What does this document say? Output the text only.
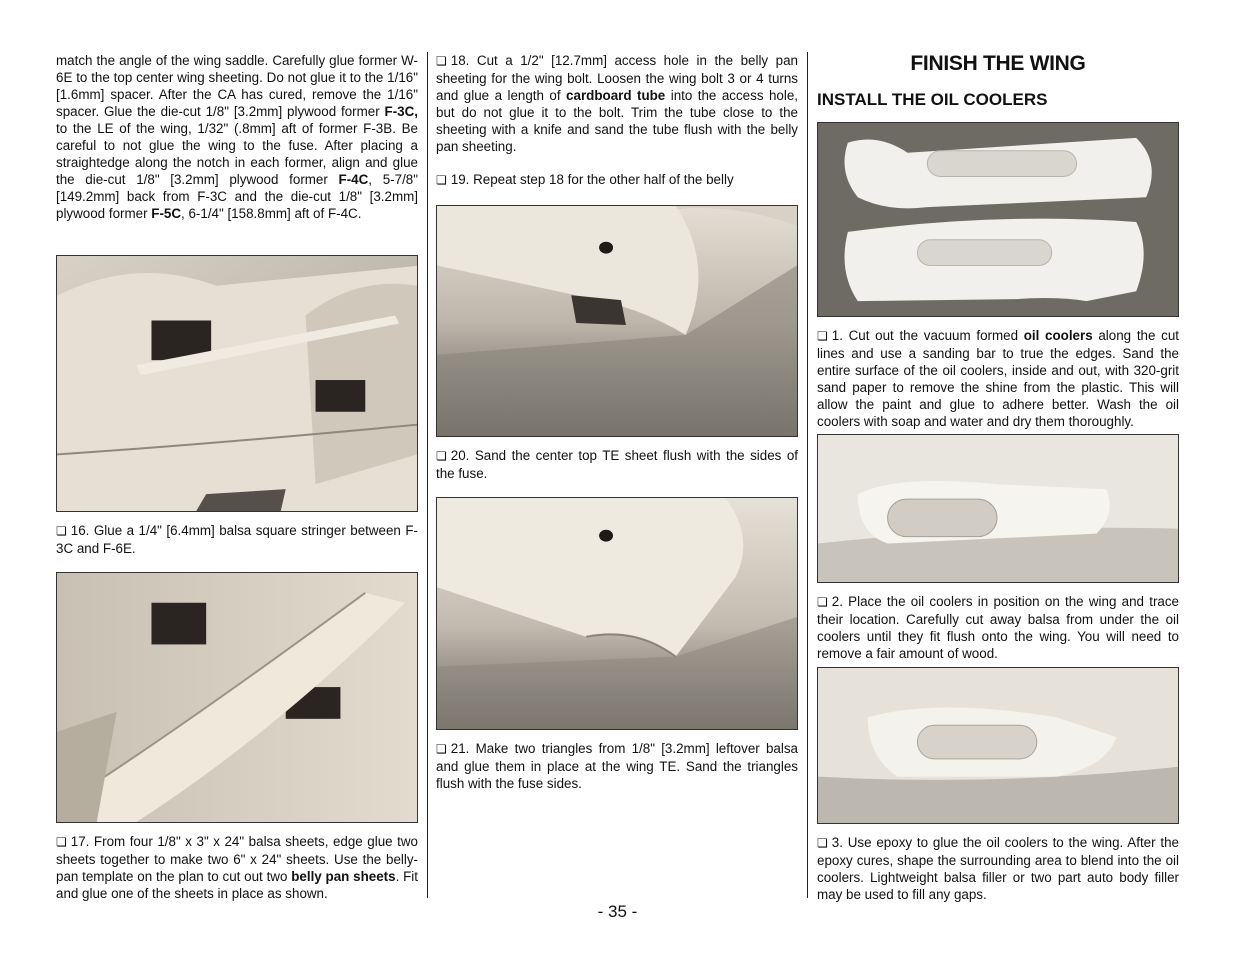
match the angle of the wing saddle. Carefully glue former W-6E to the top center wing sheeting. Do not glue it to the 1/16" [1.6mm] spacer. After the CA has cured, remove the 1/16" spacer. Glue the die-cut 1/8" [3.2mm] plywood former F-3C, to the LE of the wing, 1/32" (.8mm] aft of former F-3B. Be careful to not glue the wing to the fuse. After placing a straightedge along the notch in each former, align and glue the die-cut 1/8" [3.2mm] plywood former F-4C, 5-7/8" [149.2mm] back from F-3C and the die-cut 1/8" [3.2mm] plywood former F-5C, 6-1/4" [158.8mm] aft of F-4C.

❏ 16. Glue a 1/4" [6.4mm] balsa square stringer between F-3C and F-6E.

❏ 17. From four 1/8" x 3" x 24" balsa sheets, edge glue two sheets together to make two 6" x 24" sheets. Use the belly-pan template on the plan to cut out two belly pan sheets. Fit and glue one of the sheets in place as shown.

❏ 18. Cut a 1/2" [12.7mm] access hole in the belly pan sheeting for the wing bolt. Loosen the wing bolt 3 or 4 turns and glue a length of cardboard tube into the access hole, but do not glue it to the bolt. Trim the tube close to the sheeting with a knife and sand the tube flush with the belly pan sheeting.

❏ 19. Repeat step 18 for the other half of the belly

❏ 20. Sand the center top TE sheet flush with the sides of the fuse.

❏ 21. Make two triangles from 1/8" [3.2mm] leftover balsa and glue them in place at the wing TE. Sand the triangles flush with the fuse sides.

FINISH THE WING
INSTALL THE OIL COOLERS

❏ 1. Cut out the vacuum formed oil coolers along the cut lines and use a sanding bar to true the edges. Sand the entire surface of the oil coolers, inside and out, with 320-grit sand paper to remove the shine from the plastic. This will allow the paint and glue to adhere better. Wash the oil coolers with soap and water and dry them thoroughly.

❏ 2. Place the oil coolers in position on the wing and trace their location. Carefully cut away balsa from under the oil coolers until they fit flush onto the wing. You will need to remove a fair amount of wood.

❏ 3. Use epoxy to glue the oil coolers to the wing. After the epoxy cures, shape the surrounding area to blend into the oil coolers. Lightweight balsa filler or two part auto body filler may be used to fill any gaps.

- 35 -
